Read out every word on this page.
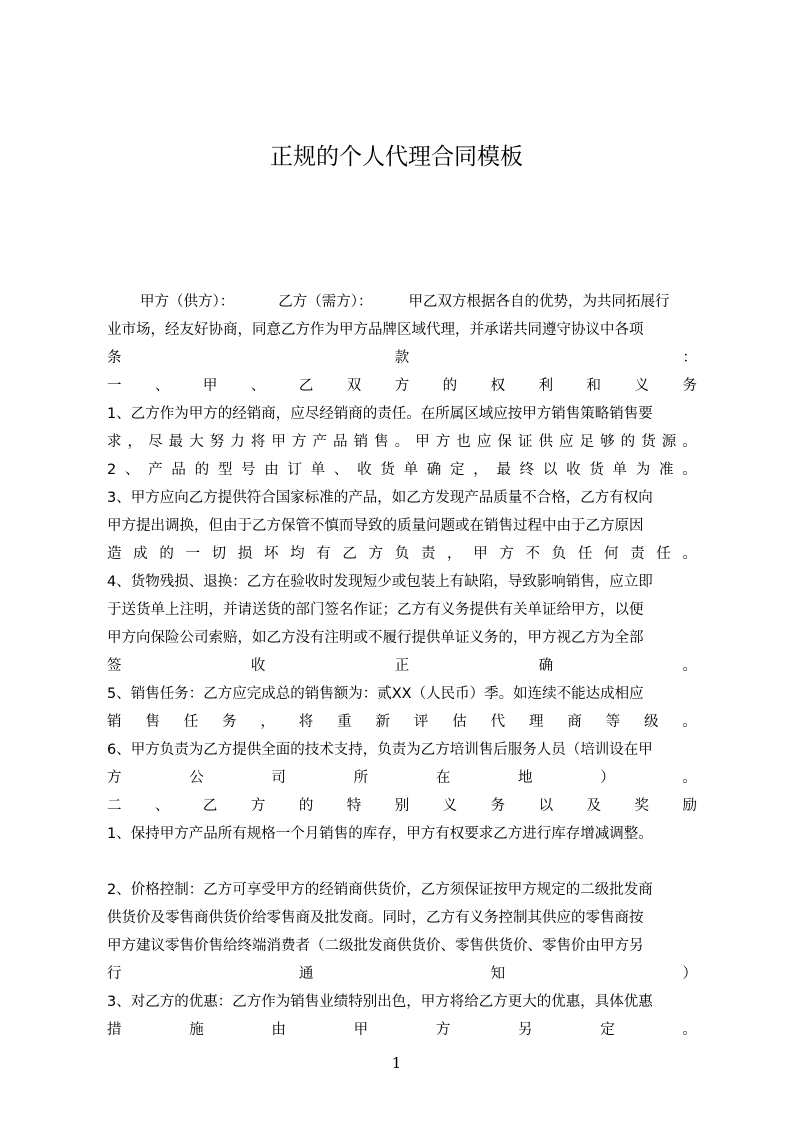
正规的个人代理合同模板
甲方（供方）：	乙方（需方）： 甲乙双方根据各自的优势，为共同拓展行
业市场，经友好协商，同意乙方作为甲方品牌区域代理，并承诺共同遵守协议中各项
条	款	：
一 、 甲 、 乙 双 方 的 权 利 和 义 务
1、乙方作为甲方的经销商，应尽经销商的责任。在所属区域应按甲方销售策略销售要
求 ， 尽 最 大 努 力 将 甲 方 产 品 销 售 。 甲 方 也 应 保 证 供 应 足 够 的 货 源 。
2 、 产 品 的 型 号 由 订 单 、 收 货 单 确 定 ， 最 终 以 收 货 单 为 准 。
3、甲方应向乙方提供符合国家标准的产品，如乙方发现产品质量不合格，乙方有权向
甲方提出调换，但由于乙方保管不慎而导致的质量问题或在销售过程中由于乙方原因
造 成 的 一 切 损 坏 均 有 乙 方 负 责 ， 甲 方 不 负 任 何 责 任 。
4、货物残损、退换：乙方在验收时发现短少或包装上有缺陷，导致影响销售，应立即
于送货单上注明，并请送货的部门签名作证；乙方有义务提供有关单证给甲方，以便
甲方向保险公司索赔，如乙方没有注明或不履行提供单证义务的，甲方视乙方为全部
签	收	正	确	。
5、销售任务：乙方应完成总的销售额为：贰XX（人民币）季。如连续不能达成相应
销 售 任 务 ， 将 重 新 评 估 代 理 商 等 级 。
6、甲方负责为乙方提供全面的技术支持，负责为乙方培训售后服务人员（培训设在甲
方	公	司	所	在	地	）	。
二 、 乙 方 的 特 别 义 务 以 及 奖 励
1、保持甲方产品所有规格一个月销售的库存，甲方有权要求乙方进行库存增减调整。
2、价格控制：乙方可享受甲方的经销商供货价，乙方须保证按甲方规定的二级批发商
供货价及零售商供货价给零售商及批发商。同时，乙方有义务控制其供应的零售商按
甲方建议零售价售给终端消费者（二级批发商供货价、零售供货价、零售价由甲方另
行	通	知	）
3、对乙方的优惠：乙方作为销售业绩特别出色，甲方将给乙方更大的优惠，具体优惠
措	施	由	甲	方	另	定	。
1
